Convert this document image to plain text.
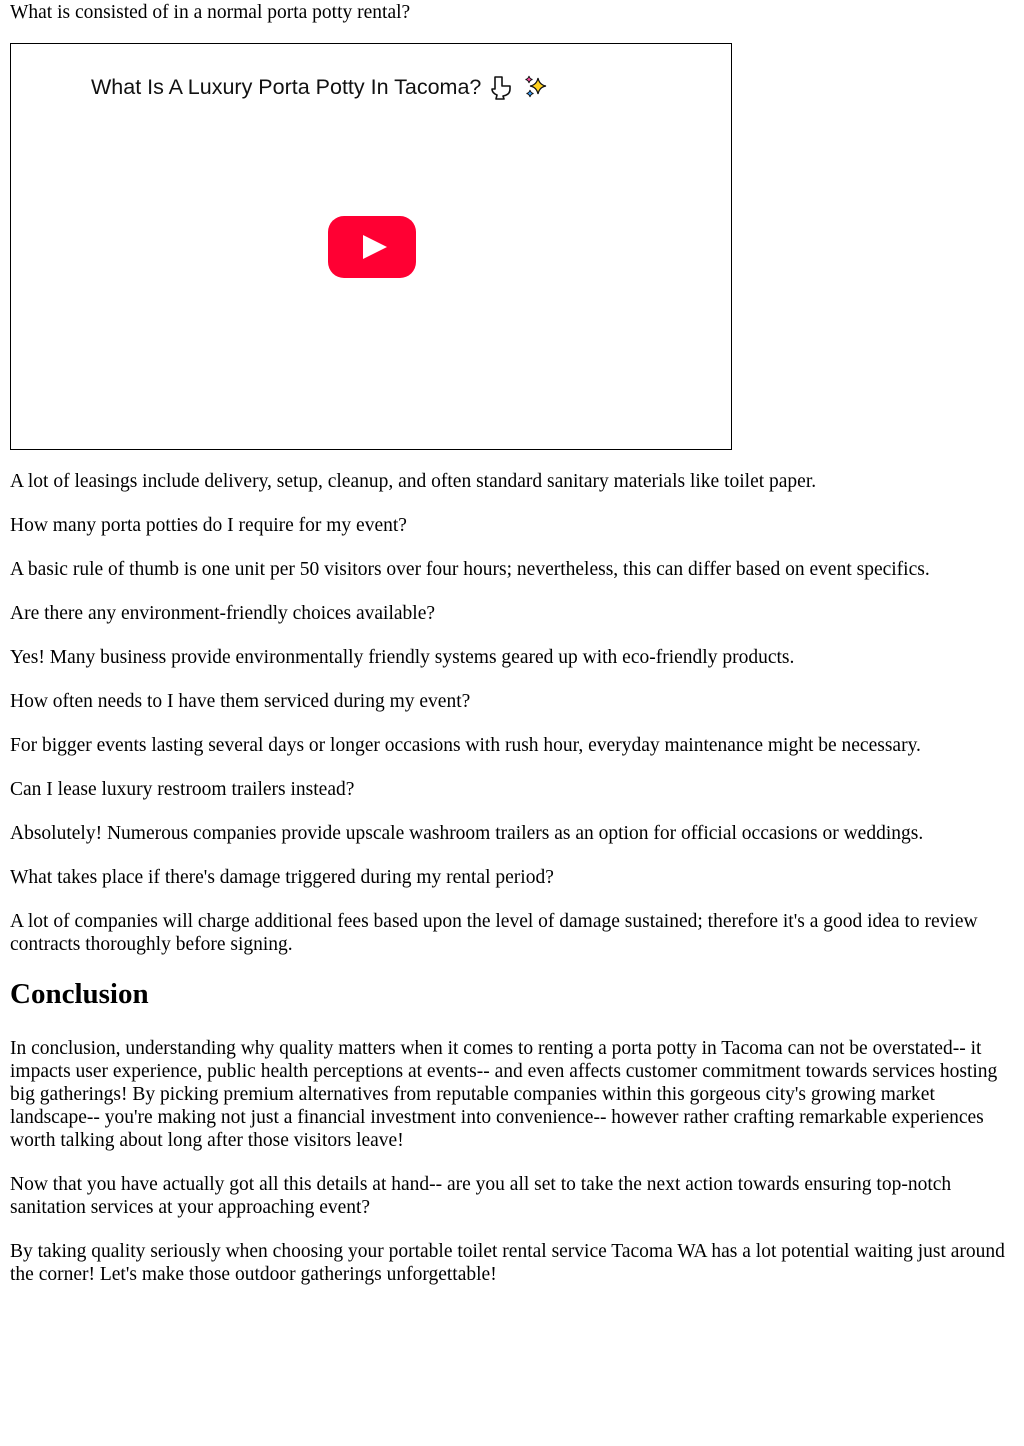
What is consisted of in a normal porta potty rental?

What Is A Luxury Porta Potty In Tacoma?

A lot of leasings include delivery, setup, cleanup, and often standard sanitary materials like toilet paper.

How many porta potties do I require for my event?

A basic rule of thumb is one unit per 50 visitors over four hours; nevertheless, this can differ based on event specifics.

Are there any environment-friendly choices available?

Yes! Many business provide environmentally friendly systems geared up with eco-friendly products.

How often needs to I have them serviced during my event?

For bigger events lasting several days or longer occasions with rush hour, everyday maintenance might be necessary.

Can I lease luxury restroom trailers instead?

Absolutely! Numerous companies provide upscale washroom trailers as an option for official occasions or weddings.

What takes place if there's damage triggered during my rental period?

A lot of companies will charge additional fees based upon the level of damage sustained; therefore it's a good idea to review contracts thoroughly before signing.

Conclusion

In conclusion, understanding why quality matters when it comes to renting a porta potty in Tacoma can not be overstated-- it impacts user experience, public health perceptions at events-- and even affects customer commitment towards services hosting big gatherings! By picking premium alternatives from reputable companies within this gorgeous city's growing market landscape-- you're making not just a financial investment into convenience-- however rather crafting remarkable experiences worth talking about long after those visitors leave!

Now that you have actually got all this details at hand-- are you all set to take the next action towards ensuring top-notch sanitation services at your approaching event?

By taking quality seriously when choosing your portable toilet rental service Tacoma WA has a lot potential waiting just around the corner! Let's make those outdoor gatherings unforgettable!
